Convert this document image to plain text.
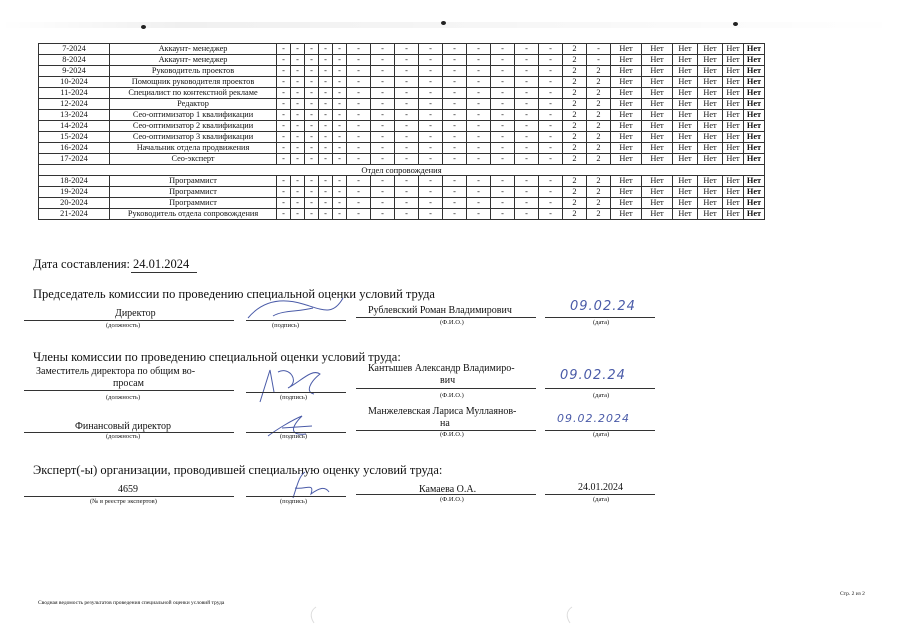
7-2024	Аккаунт- менеджер	-	-	-	-	-	-	-	-	-	-	-	-	-	-	2	-	Нет	Нет	Нет	Нет	Нет	Нет
8-2024	Аккаунт- менеджер	-	-	-	-	-	-	-	-	-	-	-	-	-	-	2	-	Нет	Нет	Нет	Нет	Нет	Нет
9-2024	Руководитель проектов	-	-	-	-	-	-	-	-	-	-	-	-	-	-	2	2	Нет	Нет	Нет	Нет	Нет	Нет
10-2024	Помощник руководителя проектов	-	-	-	-	-	-	-	-	-	-	-	-	-	-	2	2	Нет	Нет	Нет	Нет	Нет	Нет
11-2024	Специалист по контекстной рекламе	-	-	-	-	-	-	-	-	-	-	-	-	-	-	2	2	Нет	Нет	Нет	Нет	Нет	Нет
12-2024	Редактор	-	-	-	-	-	-	-	-	-	-	-	-	-	-	2	2	Нет	Нет	Нет	Нет	Нет	Нет
13-2024	Сео-оптимизатор 1 квалификации	-	-	-	-	-	-	-	-	-	-	-	-	-	-	2	2	Нет	Нет	Нет	Нет	Нет	Нет
14-2024	Сео-оптимизатор 2 квалификации	-	-	-	-	-	-	-	-	-	-	-	-	-	-	2	2	Нет	Нет	Нет	Нет	Нет	Нет
15-2024	Сео-оптимизатор 3 квалификации	-	-	-	-	-	-	-	-	-	-	-	-	-	-	2	2	Нет	Нет	Нет	Нет	Нет	Нет
16-2024	Начальник отдела продвижения	-	-	-	-	-	-	-	-	-	-	-	-	-	-	2	2	Нет	Нет	Нет	Нет	Нет	Нет
17-2024	Сео-эксперт	-	-	-	-	-	-	-	-	-	-	-	-	-	-	2	2	Нет	Нет	Нет	Нет	Нет	Нет
Отдел сопровождения																							
18-2024	Программист	-	-	-	-	-	-	-	-	-	-	-	-	-	-	2	2	Нет	Нет	Нет	Нет	Нет	Нет
19-2024	Программист	-	-	-	-	-	-	-	-	-	-	-	-	-	-	2	2	Нет	Нет	Нет	Нет	Нет	Нет
20-2024	Программист	-	-	-	-	-	-	-	-	-	-	-	-	-	-	2	2	Нет	Нет	Нет	Нет	Нет	Нет
21-2024	Руководитель отдела сопровождения	-	-	-	-	-	-	-	-	-	-	-	-	-	-	2	2	Нет	Нет	Нет	Нет	Нет	Нет
Дата составления: 24.01.2024
Председатель комиссии по проведению специальной оценки условий труда
Директор
(должность)	(подпись)
Рублевский Роман Владимирович
(Ф.И.О.)
09.02.24
(дата)
Члены комиссии по проведению специальной оценки условий труда:
Заместитель директора по общим во-
просам
(должность)	(подпись)
Кантышев Александр Владимиро-
вич
(Ф.И.О.)
09.02.24
(дата)
Финансовый директор
(должность)	(подпись)
Манжелевская Лариса Муллаянов-
на
(Ф.И.О.)
09.02.2024
(дата)
Эксперт(-ы) организации, проводившей специальную оценку условий труда:
4659
(№ в реестре экспертов)	(подпись)
Камаева О.А.
(Ф.И.О.)
24.01.2024
(дата)
Сводная ведомость результатов проведения специальной оценки условий труда
Стр. 2 из 2
